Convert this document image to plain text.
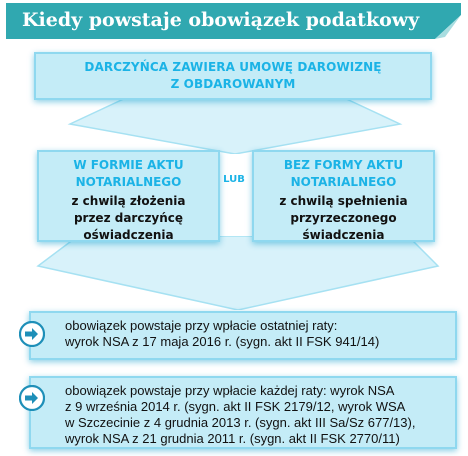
Kiedy powstaje obowiązek podatkowy
DARCZYŃCA ZAWIERA UMOWĘ DAROWIZNĘ
Z OBDAROWANYM
W FORMIE AKTU
NOTARIALNEGO
z chwilą złożenia
przez darczyńcę
oświadczenia
LUB
BEZ FORMY AKTU
NOTARIALNEGO
z chwilą spełnienia
przyrzeczonego
świadczenia
obowiązek powstaje przy wpłacie ostatniej raty:
wyrok NSA z 17 maja 2016 r. (sygn. akt II FSK 941/14)
obowiązek powstaje przy wpłacie każdej raty: wyrok NSA
z 9 września 2014 r. (sygn. akt II FSK 2179/12, wyrok WSA
w Szczecinie z 4 grudnia 2013 r. (sygn. akt III Sa/Sz 677/13),
wyrok NSA z 21 grudnia 2011 r. (sygn. akt II FSK 2770/11)
